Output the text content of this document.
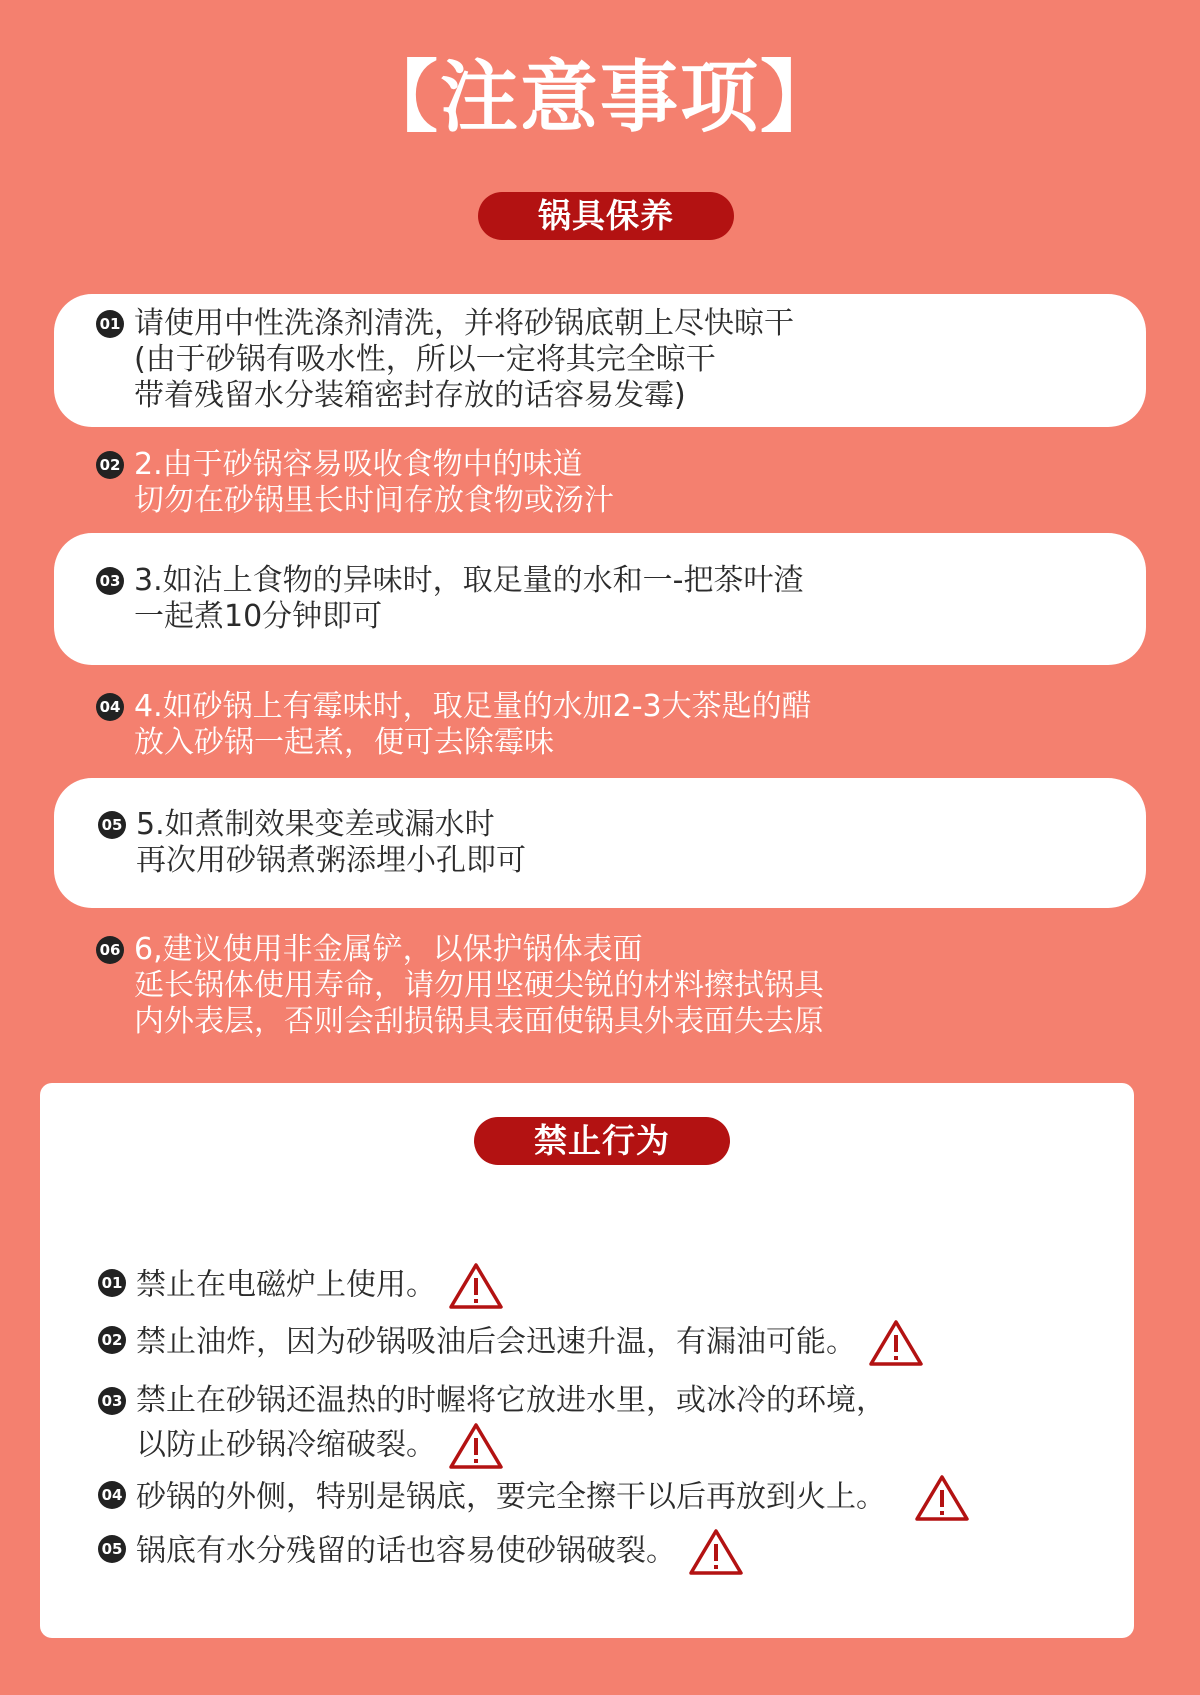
【注意事项】
锅具保养
01 请使用中性洗涤剂清洗，并将砂锅底朝上尽快晾干
(由于砂锅有吸水性，所以一定将其完全晾干
带着残留水分装箱密封存放的话容易发霉)
02 2.由于砂锅容易吸收食物中的味道
切勿在砂锅里长时间存放食物或汤汁
03 3.如沾上食物的异味时，取足量的水和一-把茶叶渣
一起煮10分钟即可
04 4.如砂锅上有霉味时，取足量的水加2-3大茶匙的醋
放入砂锅一起煮，便可去除霉味
05 5.如煮制效果变差或漏水时
再次用砂锅煮粥添埋小孔即可
06 6,建议使用非金属铲，以保护锅体表面
延长锅体使用寿命，请勿用坚硬尖锐的材料擦拭锅具
内外表层，否则会刮损锅具表面使锅具外表面失去原
禁止行为
01 禁止在电磁炉上使用。
02 禁止油炸，因为砂锅吸油后会迅速升温，有漏油可能。
03 禁止在砂锅还温热的时幄将它放进水里，或冰冷的环境，
以防止砂锅冷缩破裂。
04 砂锅的外侧，特别是锅底，要完全擦干以后再放到火上。
05 锅底有水分残留的话也容易使砂锅破裂。
